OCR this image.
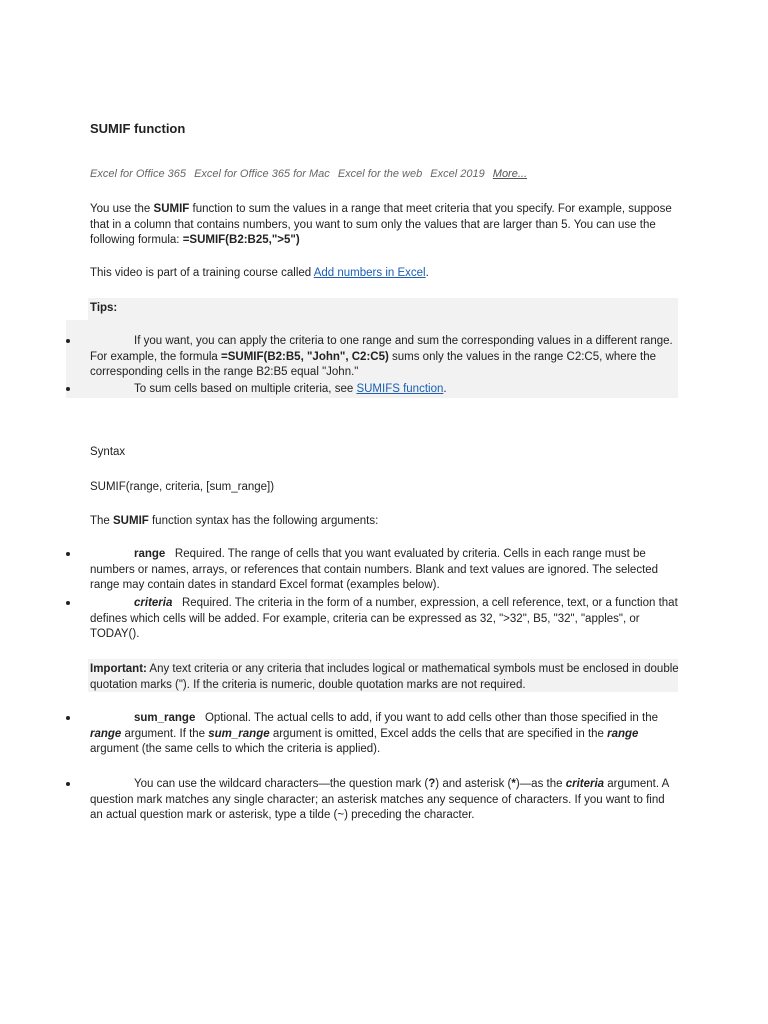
SUMIF function
Excel for Office 365 Excel for Office 365 for Mac Excel for the web Excel 2019 More...
You use the SUMIF function to sum the values in a range that meet criteria that you specify. For example, suppose that in a column that contains numbers, you want to sum only the values that are larger than 5. You can use the following formula: =SUMIF(B2:B25,">5")
This video is part of a training course called Add numbers in Excel.
Tips:
If you want, you can apply the criteria to one range and sum the corresponding values in a different range. For example, the formula =SUMIF(B2:B5, "John", C2:C5) sums only the values in the range C2:C5, where the corresponding cells in the range B2:B5 equal "John."
To sum cells based on multiple criteria, see SUMIFS function.
Syntax
SUMIF(range, criteria, [sum_range])
The SUMIF function syntax has the following arguments:
range Required. The range of cells that you want evaluated by criteria. Cells in each range must be numbers or names, arrays, or references that contain numbers. Blank and text values are ignored. The selected range may contain dates in standard Excel format (examples below).
criteria Required. The criteria in the form of a number, expression, a cell reference, text, or a function that defines which cells will be added. For example, criteria can be expressed as 32, ">32", B5, "32", "apples", or TODAY().
Important: Any text criteria or any criteria that includes logical or mathematical symbols must be enclosed in double quotation marks ("). If the criteria is numeric, double quotation marks are not required.
sum_range Optional. The actual cells to add, if you want to add cells other than those specified in the range argument. If the sum_range argument is omitted, Excel adds the cells that are specified in the range argument (the same cells to which the criteria is applied).
You can use the wildcard characters—the question mark (?) and asterisk (*)—as the criteria argument. A question mark matches any single character; an asterisk matches any sequence of characters. If you want to find an actual question mark or asterisk, type a tilde (~) preceding the character.
